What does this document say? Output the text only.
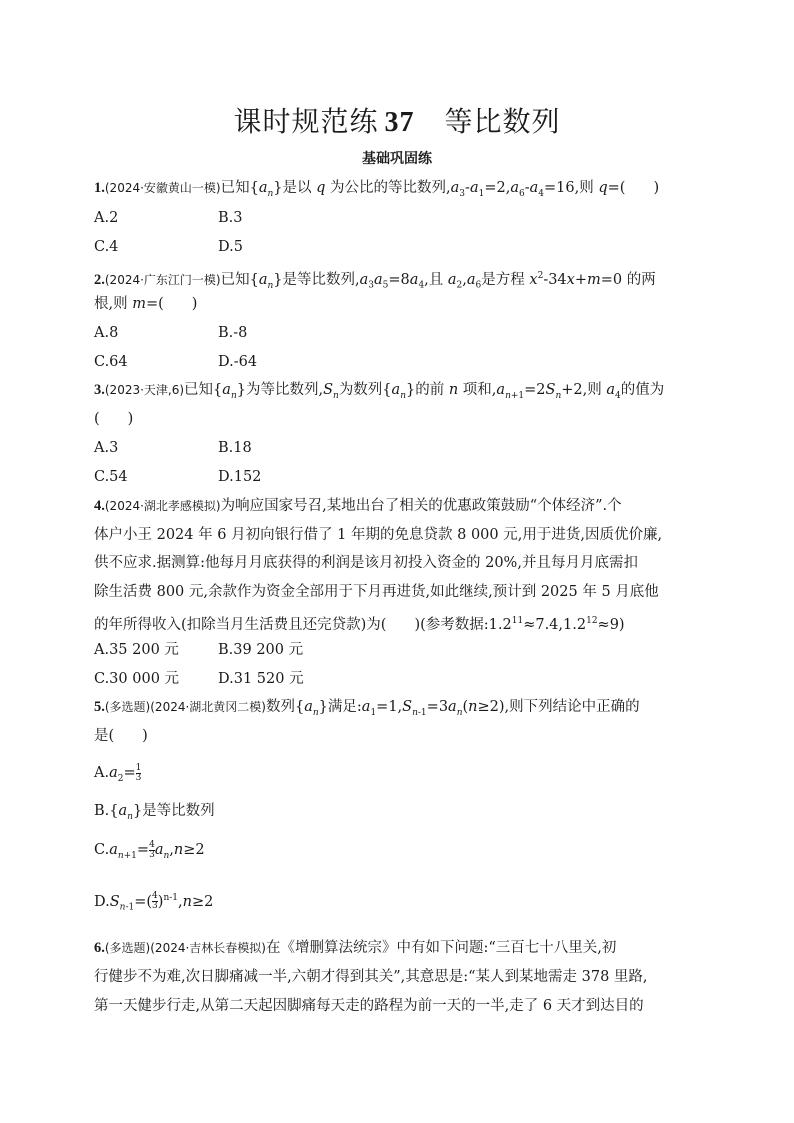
课时规范练 37 等比数列
基础巩固练
1.(2024·安徽黄山一模)已知$\{a_n\}$是以 q 为公比的等比数列$,a_3-a_1=2,a_6-a_4=16$,则 q=( )
A.2	B.3
C.4	D.5
2.(2024·广东江门一模)已知$\{a_n\}$是等比数列$,a_3a_5=8a_4$,且 $a_2,a_6$是方程 $x^2-34x+m=0$ 的两
根,则 m=( )
A.8	B.-8
C.64	D.-64
3.(2023·天津,6)已知$\{a_n\}$为等比数列$,S_n$为数列$\{a_n\}$的前 n 项和$,a_{n+1}=2S_n+2$,则 $a_4$的值为
( )
A.3	B.18
C.54	D.152
4.(2024·湖北孝感模拟)为响应国家号召,某地出台了相关的优惠政策鼓励“个体经济”.个
体户小王 2024 年 6 月初向银行借了 1 年期的免息贷款 8 000 元,用于进货,因质优价廉,
供不应求.据测算:他每月月底获得的利润是该月初投入资金的 20%,并且每月月底需扣
除生活费 800 元,余款作为资金全部用于下月再进货,如此继续,预计到 2025 年 5 月底他
的年所得收入(扣除当月生活费且还完贷款)为( )(参考数据$:1.2^{11}\approx 7.4,1.2^{12}\approx 9$)
A.35 200 元	B.39 200 元
C.30 000 元	D.31 520 元
5.(多选题)(2024·湖北黄冈二模)数列$\{a_n\}$满足$:a_1=1,S_{n-1}=3a_n(n\ge 2)$,则下列结论中正确的
是( )
$A.a_2= \frac{1}{3}$
$B.\{a_n\}$是等比数列
$C.a_{n+1}= \frac{4}{3} a_n,n\ge 2$
$D.S_{n-1}=( \frac{4}{3} )^{n-1},n\ge 2$
6.(多选题)(2024·吉林长春模拟)在《增删算法统宗》中有如下问题:“三百七十八里关,初
行健步不为难,次日脚痛减一半,六朝才得到其关”,其意思是:“某人到某地需走 378 里路,
第一天健步行走,从第二天起因脚痛每天走的路程为前一天的一半,走了 6 天才到达目的
